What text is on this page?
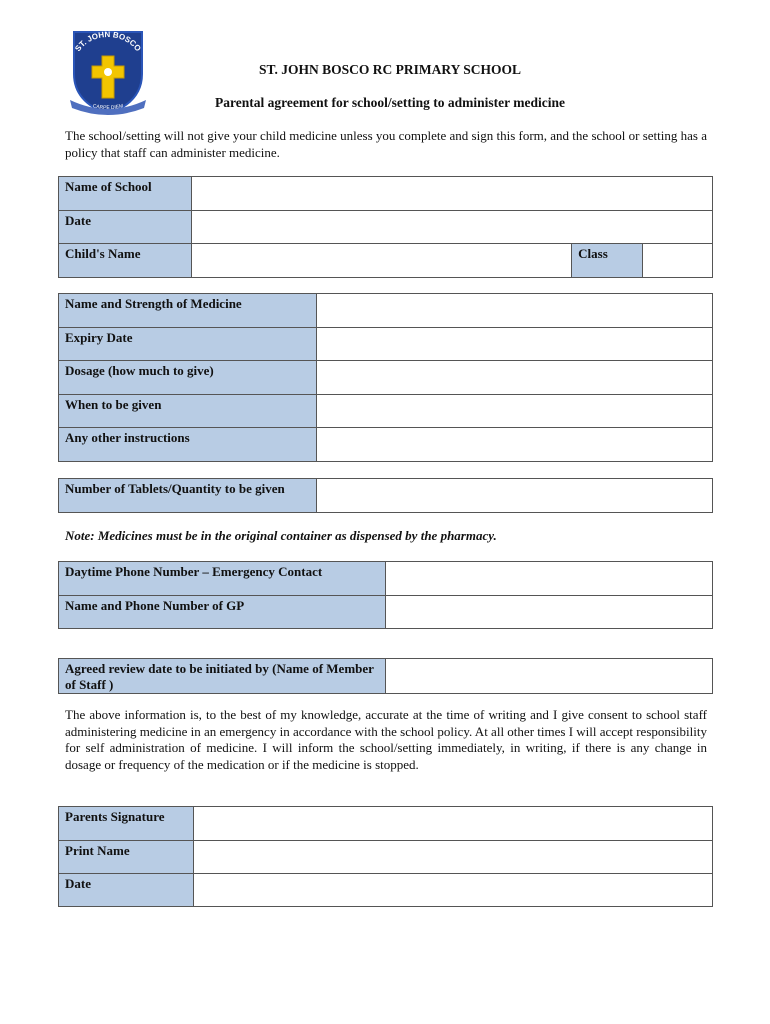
ST. JOHN BOSCO
CARPE DIEM
ST. JOHN BOSCO RC PRIMARY SCHOOL
Parental agreement for school/setting to administer medicine
The school/setting will not give your child medicine unless you complete and sign this form, and the school or setting has a policy that staff can administer medicine.
Name of School			
Date			
Child's Name		Class	
Name and Strength of Medicine	
Expiry Date	
Dosage (how much to give)	
When to be given	
Any other instructions	
Number of Tablets/Quantity to be given	
Note: Medicines must be in the original container as dispensed by the pharmacy.
Daytime Phone Number – Emergency Contact	
Name and Phone Number of GP	
Agreed review date to be initiated by (Name of Member of Staff )	
The above information is, to the best of my knowledge, accurate at the time of writing and I give consent to school staff administering medicine in an emergency in accordance with the school policy. At all other times I will accept responsibility for self administration of medicine. I will inform the school/setting immediately, in writing, if there is any change in dosage or frequency of the medication or if the medicine is stopped.
Parents Signature	
Print Name	
Date	
